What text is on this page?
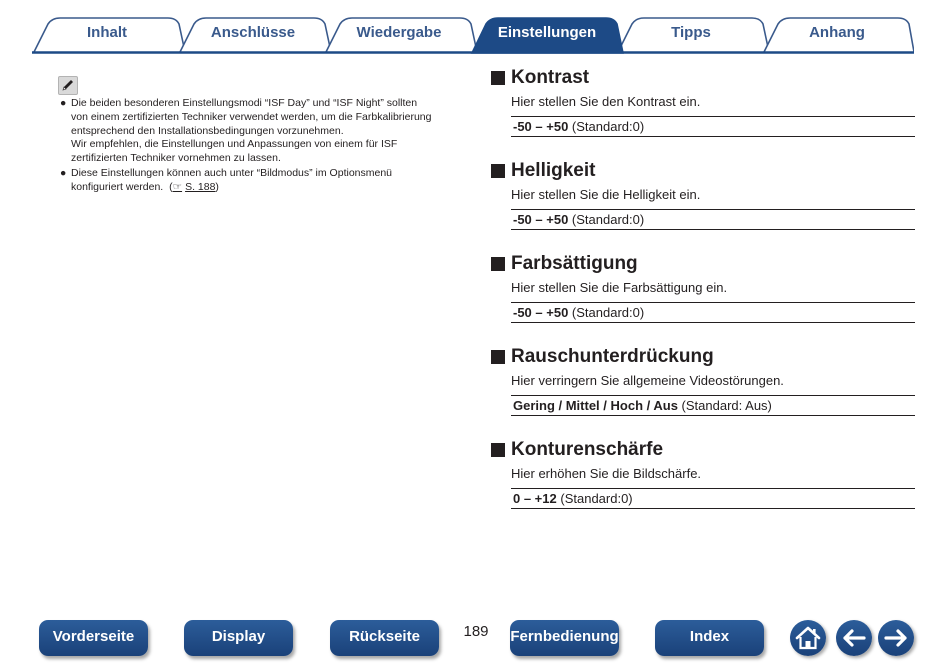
Inhalt	Anschlüsse	Wiedergabe	Einstellungen	Tipps	Anhang
● Die beiden besonderen Einstellungsmodi “ISF Day” und “ISF Night” sollten
von einem zertifizierten Techniker verwendet werden, um die Farbkalibrierung
entsprechend den Installationsbedingungen vorzunehmen.
Wir empfehlen, die Einstellungen und Anpassungen von einem für ISF
zertifizierten Techniker vornehmen zu lassen.
● Diese Einstellungen können auch unter “Bildmodus” im Optionsmenü
konfiguriert werden. (☞ S. 188)
Kontrast
Hier stellen Sie den Kontrast ein.
-50 – +50 (Standard:0)
Helligkeit
Hier stellen Sie die Helligkeit ein.
-50 – +50 (Standard:0)
Farbsättigung
Hier stellen Sie die Farbsättigung ein.
-50 – +50 (Standard:0)
Rauschunterdrückung
Hier verringern Sie allgemeine Videostörungen.
Gering / Mittel / Hoch / Aus (Standard: Aus)
Konturenschärfe
Hier erhöhen Sie die Bildschärfe.
0 – +12 (Standard:0)
Vorderseite	Display	Rückseite	189	Fernbedienung	Index
